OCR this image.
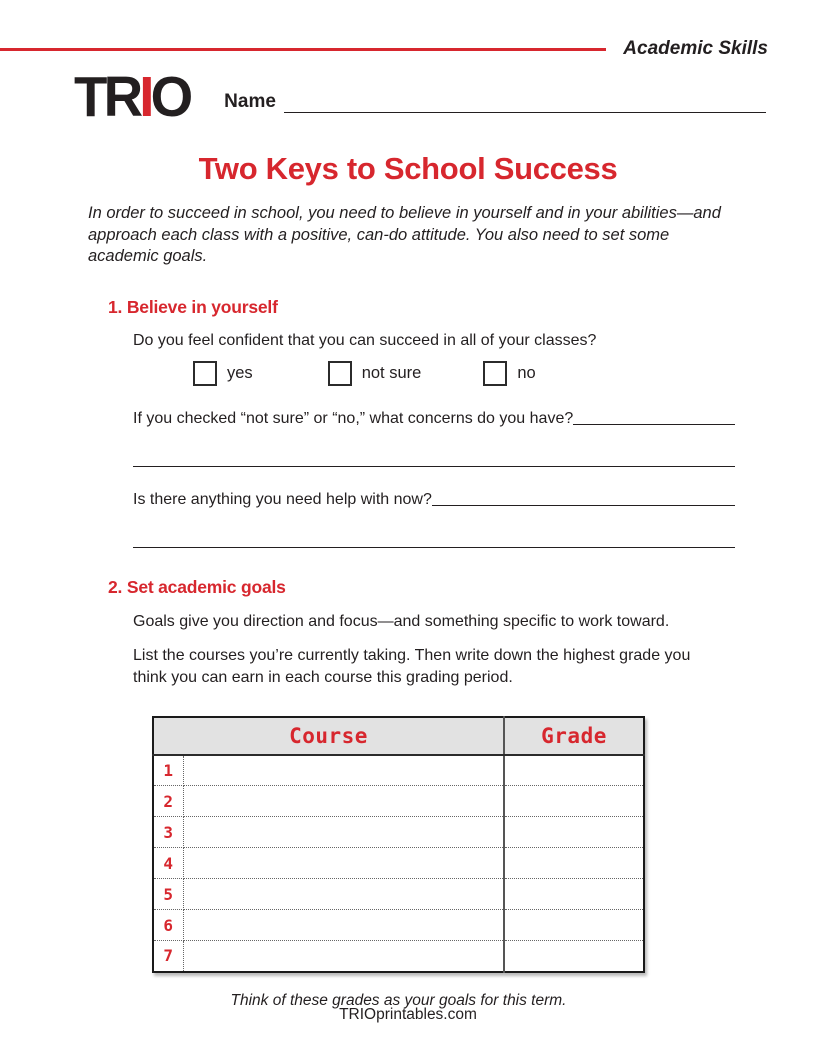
Academic Skills
TRIO Name
Two Keys to School Success

In order to succeed in school, you need to believe in yourself and in your abilities—and approach each class with a positive, can-do attitude. You also need to set some academic goals.

1. Believe in yourself

Do you feel confident that you can succeed in all of your classes?

yes	not sure	no
If you checked “not sure” or “no,” what concerns do you have?
Is there anything you need help with now?
2. Set academic goals

Goals give you direction and focus—and something specific to work toward.

List the courses you’re currently taking. Then write down the highest grade you think you can earn in each course this grading period.

Course		Grade
1		
2		
3		
4		
5		
6		
7		
Think of these grades as your goals for this term.
TRIOprintables.com
